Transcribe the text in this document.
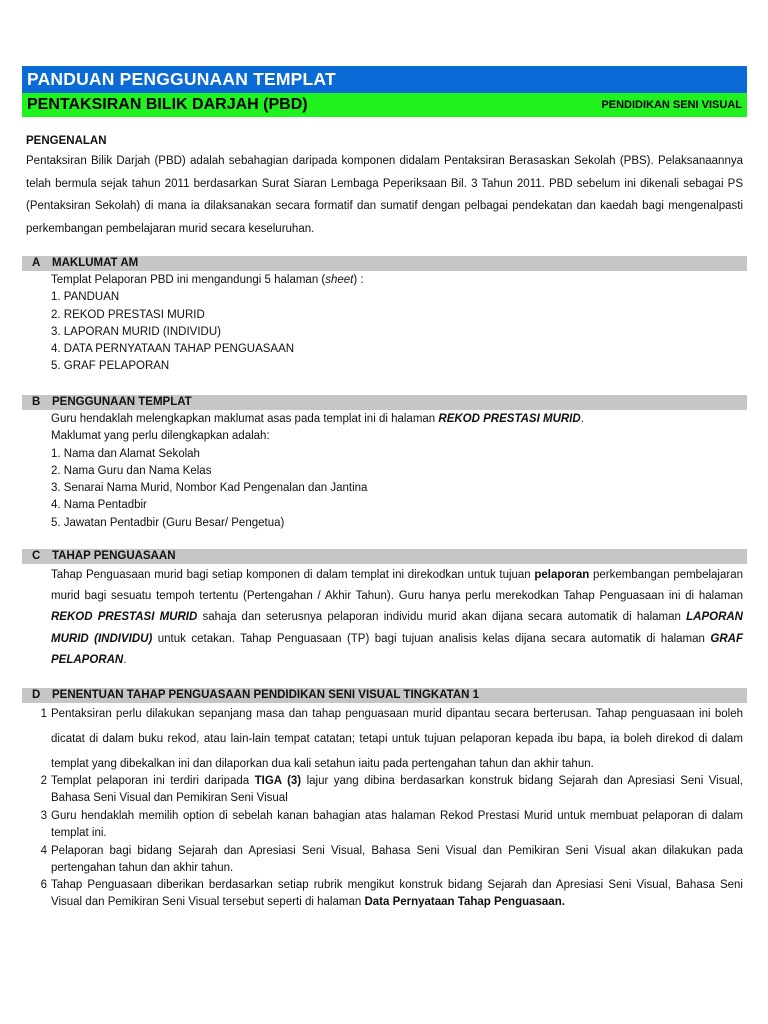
PANDUAN PENGGUNAAN TEMPLAT
PENTAKSIRAN BILIK DARJAH (PBD)	PENDIDIKAN SENI VISUAL
PENGENALAN
Pentaksiran Bilik Darjah (PBD) adalah sebahagian daripada komponen didalam Pentaksiran Berasaskan Sekolah (PBS). Pelaksanaannya telah bermula sejak tahun 2011 berdasarkan Surat Siaran Lembaga Peperiksaan Bil. 3 Tahun 2011. PBD sebelum ini dikenali sebagai PS (Pentaksiran Sekolah) di mana ia dilaksanakan secara formatif dan sumatif dengan pelbagai pendekatan dan kaedah bagi mengenalpasti perkembangan pembelajaran murid secara keseluruhan.
A MAKLUMAT AM
Templat Pelaporan PBD ini mengandungi 5 halaman (sheet) :
1. PANDUAN
2. REKOD PRESTASI MURID
3. LAPORAN MURID (INDIVIDU)
4. DATA PERNYATAAN TAHAP PENGUASAAN
5. GRAF PELAPORAN
B PENGGUNAAN TEMPLAT
Guru hendaklah melengkapkan maklumat asas pada templat ini di halaman REKOD PRESTASI MURID.
Maklumat yang perlu dilengkapkan adalah:
1. Nama dan Alamat Sekolah
2. Nama Guru dan Nama Kelas
3. Senarai Nama Murid, Nombor Kad Pengenalan dan Jantina
4. Nama Pentadbir
5. Jawatan Pentadbir (Guru Besar/ Pengetua)
C TAHAP PENGUASAAN
Tahap Penguasaan murid bagi setiap komponen di dalam templat ini direkodkan untuk tujuan pelaporan perkembangan pembelajaran murid bagi sesuatu tempoh tertentu (Pertengahan / Akhir Tahun). Guru hanya perlu merekodkan Tahap Penguasaan ini di halaman REKOD PRESTASI MURID sahaja dan seterusnya pelaporan individu murid akan dijana secara automatik di halaman LAPORAN MURID (INDIVIDU) untuk cetakan. Tahap Penguasaan (TP) bagi tujuan analisis kelas dijana secara automatik di halaman GRAF PELAPORAN.
D PENENTUAN TAHAP PENGUASAAN PENDIDIKAN SENI VISUAL TINGKATAN 1
1 Pentaksiran perlu dilakukan sepanjang masa dan tahap penguasaan murid dipantau secara berterusan. Tahap penguasaan ini boleh dicatat di dalam buku rekod, atau lain-lain tempat catatan; tetapi untuk tujuan pelaporan kepada ibu bapa, ia boleh direkod di dalam templat yang dibekalkan ini dan dilaporkan dua kali setahun iaitu pada pertengahan tahun dan akhir tahun.
2 Templat pelaporan ini terdiri daripada TIGA (3) lajur yang dibina berdasarkan konstruk bidang Sejarah dan Apresiasi Seni Visual, Bahasa Seni Visual dan Pemikiran Seni Visual
3 Guru hendaklah memilih option di sebelah kanan bahagian atas halaman Rekod Prestasi Murid untuk membuat pelaporan di dalam templat ini.
4 Pelaporan bagi bidang Sejarah dan Apresiasi Seni Visual, Bahasa Seni Visual dan Pemikiran Seni Visual akan dilakukan pada pertengahan tahun dan akhir tahun.
6 Tahap Penguasaan diberikan berdasarkan setiap rubrik mengikut konstruk bidang Sejarah dan Apresiasi Seni Visual, Bahasa Seni Visual dan Pemikiran Seni Visual tersebut seperti di halaman Data Pernyataan Tahap Penguasaan.
